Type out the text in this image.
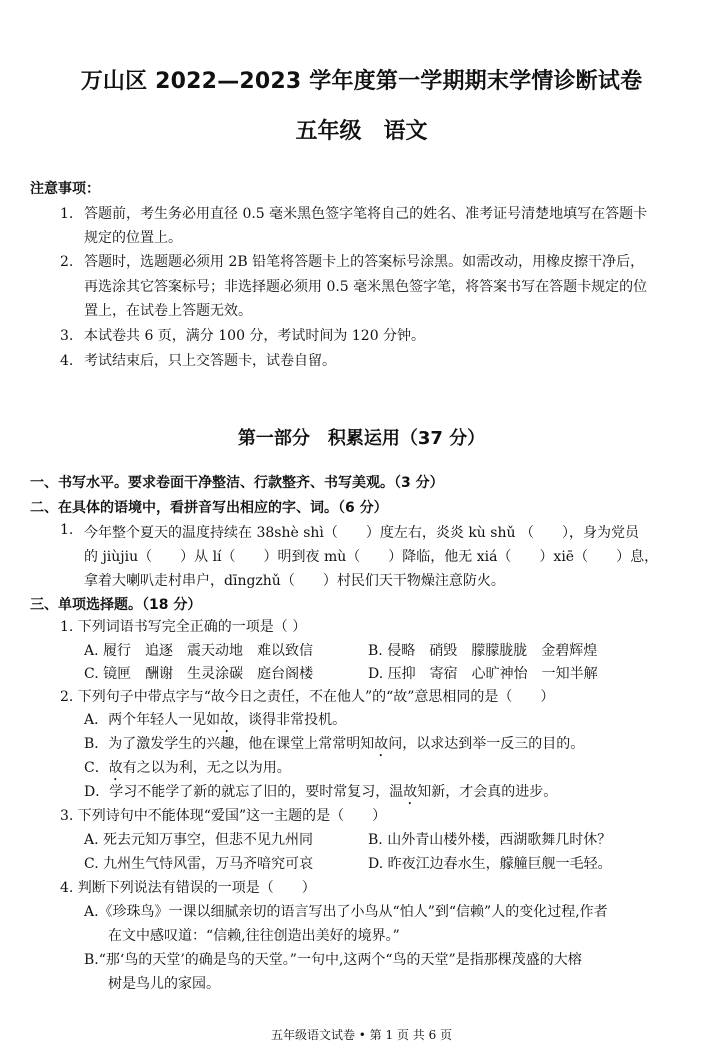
万山区 2022—2023 学年度第一学期期末学情诊断试卷
五年级　语文
注意事项：
1. 答题前，考生务必用直径 0.5 毫米黑色签字笔将自己的姓名、准考证号清楚地填写在答题卡
规定的位置上。
2. 答题时，选题题必须用 2B 铅笔将答题卡上的答案标号涂黑。如需改动，用橡皮擦干净后，
再选涂其它答案标号；非选择题必须用 0.5 毫米黑色签字笔，将答案书写在答题卡规定的位
置上，在试卷上答题无效。
3. 本试卷共 6 页，满分 100 分，考试时间为 120 分钟。
4. 考试结束后，只上交答题卡，试卷自留。
第一部分　积累运用（37 分）
一、书写水平。要求卷面干净整洁、行款整齐、书写美观。（3 分）
二、在具体的语境中，看拼音写出相应的字、词。（6 分）
1. 今年整个夏天的温度持续在 38shè shì（　　）度左右，炎炎 kù shǔ （　　），身为党员
的 jiùjiu（　　）从 lí（　　）明到夜 mù（　　）降临，他无 xiá（　　）xiē（　　）息，
拿着大喇叭走村串户，dīngzhǔ（　　）村民们天干物燥注意防火。
三、单项选择题。（18 分）
1. 下列词语书写完全正确的一项是（ ）
A. 履行　追逐　震天动地　难以致信	B. 侵略　硝毁　朦朦胧胧　金碧辉煌
C. 镜匣　酬谢　生灵涂碳　庭台阁楼	D. 压抑　寄宿　心旷神怡　一知半解
2. 下列句子中带点字与“故今日之责任，不在他人”的“故”意思相同的是（　　）
A．两个年轻人一见如故，谈得非常投机。
B．为了激发学生的兴趣，他在课堂上常常明知故问，以求达到举一反三的目的。
C．故有之以为利，无之以为用。
D．学习不能学了新的就忘了旧的，要时常复习，温故知新，才会真的进步。
3. 下列诗句中不能体现“爱国”这一主题的是（　　）
A. 死去元知万事空，但悲不见九州同	B. 山外青山楼外楼，西湖歌舞几时休？
C. 九州生气恃风雷，万马齐喑究可哀	D. 昨夜江边春水生，艨艟巨舰一毛轻。
4. 判断下列说法有错误的一项是（　　）
A.《珍珠鸟》一课以细腻亲切的语言写出了小鸟从“怕人”到“信赖”人的变化过程,作者
在文中感叹道：“信赖,往往创造出美好的境界。”
B.“那‘鸟的天堂’的确是鸟的天堂。”一句中,这两个“鸟的天堂”是指那棵茂盛的大榕
树是鸟儿的家园。
五年级语文试卷 • 第 1 页 共 6 页
